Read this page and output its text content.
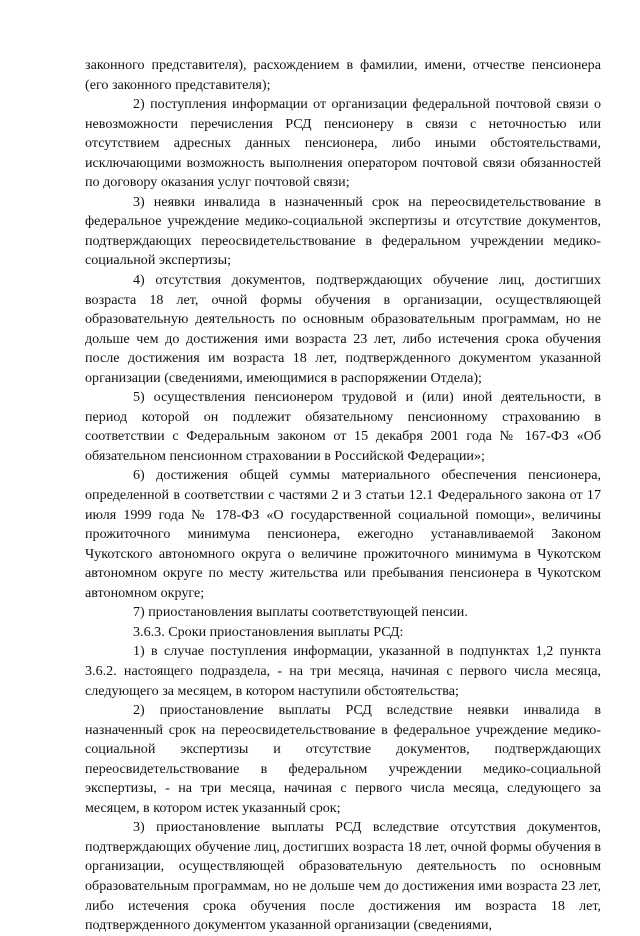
законного представителя), расхождением в фамилии, имени, отчестве пенсионера (его законного представителя);

2) поступления информации от организации федеральной почтовой связи о невозможности перечисления РСД пенсионеру в связи с неточностью или отсутствием адресных данных пенсионера, либо иными обстоятельствами, исключающими возможность выполнения оператором почтовой связи обязанностей по договору оказания услуг почтовой связи;

3) неявки инвалида в назначенный срок на переосвидетельствование в федеральное учреждение медико-социальной экспертизы и отсутствие документов, подтверждающих переосвидетельствование в федеральном учреждении медико-социальной экспертизы;

4) отсутствия документов, подтверждающих обучение лиц, достигших возраста 18 лет, очной формы обучения в организации, осуществляющей образовательную деятельность по основным образовательным программам, но не дольше чем до достижения ими возраста 23 лет, либо истечения срока обучения после достижения им возраста 18 лет, подтвержденного документом указанной организации (сведениями, имеющимися в распоряжении Отдела);

5) осуществления пенсионером трудовой и (или) иной деятельности, в период которой он подлежит обязательному пенсионному страхованию в соответствии с Федеральным законом от 15 декабря 2001 года № 167-ФЗ «Об обязательном пенсионном страховании в Российской Федерации»;

6) достижения общей суммы материального обеспечения пенсионера, определенной в соответствии с частями 2 и 3 статьи 12.1 Федерального закона от 17 июля 1999 года № 178-ФЗ «О государственной социальной помощи», величины прожиточного минимума пенсионера, ежегодно устанавливаемой Законом Чукотского автономного округа о величине прожиточного минимума в Чукотском автономном округе по месту жительства или пребывания пенсионера в Чукотском автономном округе;

7) приостановления выплаты соответствующей пенсии.

3.6.3. Сроки приостановления выплаты РСД:

1) в случае поступления информации, указанной в подпунктах 1,2 пункта 3.6.2. настоящего подраздела, - на три месяца, начиная с первого числа месяца, следующего за месяцем, в котором наступили обстоятельства;

2) приостановление выплаты РСД вследствие неявки инвалида в назначенный срок на переосвидетельствование в федеральное учреждение медико-социальной экспертизы и отсутствие документов, подтверждающих переосвидетельствование в федеральном учреждении медико-социальной экспертизы, - на три месяца, начиная с первого числа месяца, следующего за месяцем, в котором истек указанный срок;

3) приостановление выплаты РСД вследствие отсутствия документов, подтверждающих обучение лиц, достигших возраста 18 лет, очной формы обучения в организации, осуществляющей образовательную деятельность по основным образовательным программам, но не дольше чем до достижения ими возраста 23 лет, либо истечения срока обучения после достижения им возраста 18 лет, подтвержденного документом указанной организации (сведениями,
